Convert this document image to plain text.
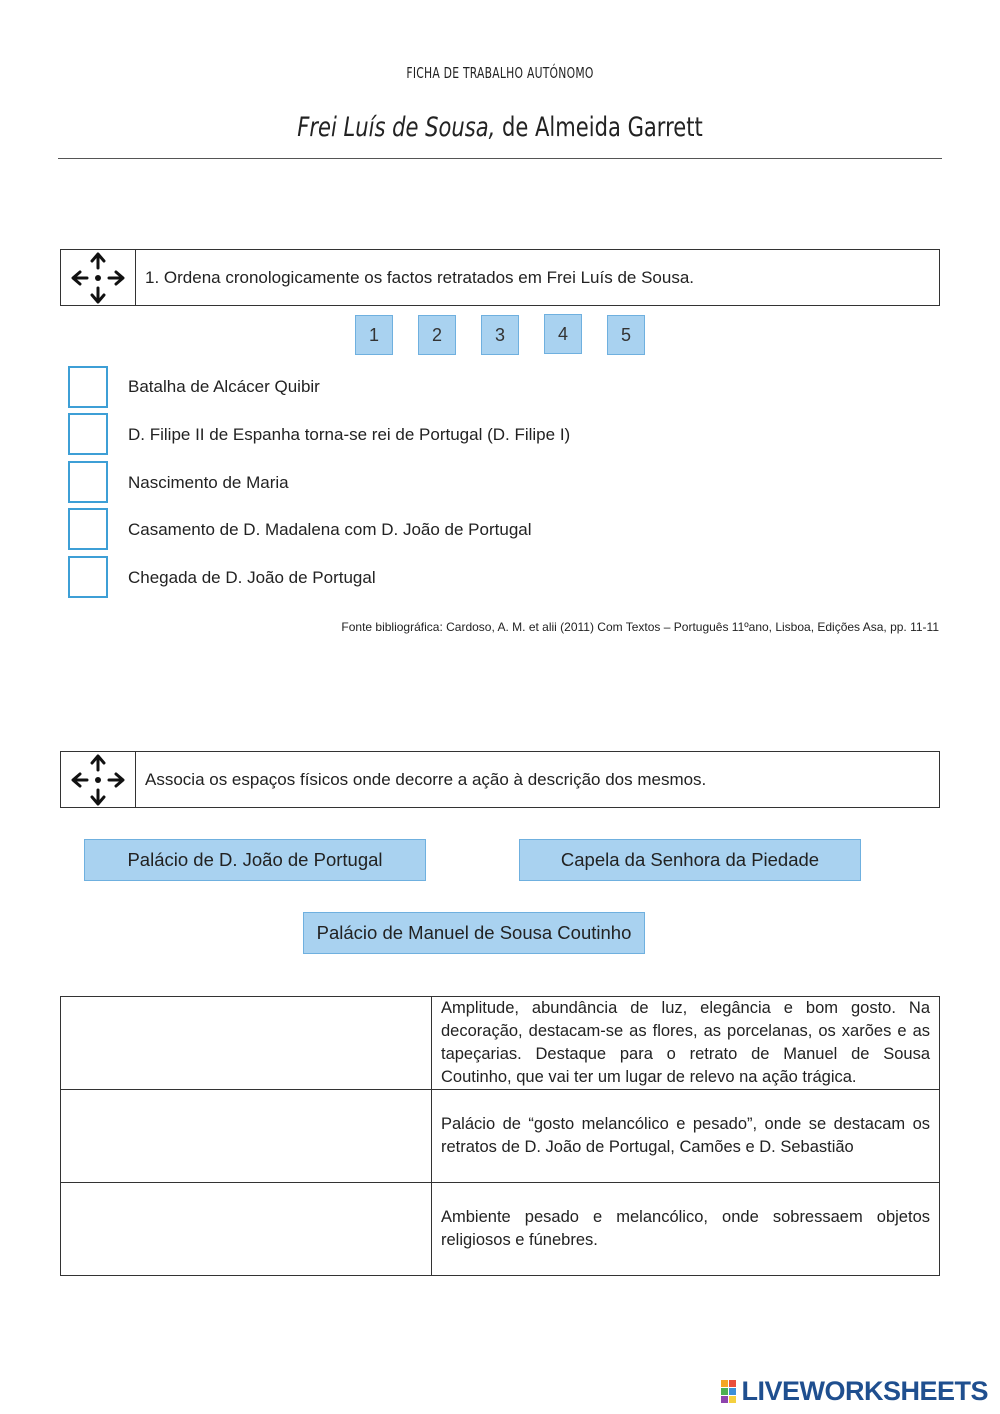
FICHA DE TRABALHO AUTÓNOMO
Frei Luís de Sousa, de Almeida Garrett
1. Ordena cronologicamente os factos retratados em Frei Luís de Sousa.
1	2	3	4	5
Batalha de Alcácer Quibir
D. Filipe II de Espanha torna-se rei de Portugal (D. Filipe I)
Nascimento de Maria
Casamento de D. Madalena com D. João de Portugal
Chegada de D. João de Portugal
Fonte bibliográfica: Cardoso, A. M. et alii (2011) Com Textos – Português 11ºano, Lisboa, Edições Asa, pp. 11-11
Associa os espaços físicos onde decorre a ação à descrição dos mesmos.
Palácio de D. João de Portugal	Capela da Senhora da Piedade
Palácio de Manuel de Sousa Coutinho
	Amplitude, abundância de luz, elegância e bom gosto. Na decoração, destacam-se as flores, as porcelanas, os xarões e as tapeçarias. Destaque para o retrato de Manuel de Sousa Coutinho, que vai ter um lugar de relevo na ação trágica.
	Palácio de “gosto melancólico e pesado”, onde se destacam os retratos de D. João de Portugal, Camões e D. Sebastião
	Ambiente pesado e melancólico, onde sobressaem objetos religiosos e fúnebres.
LIVEWORKSHEETS
